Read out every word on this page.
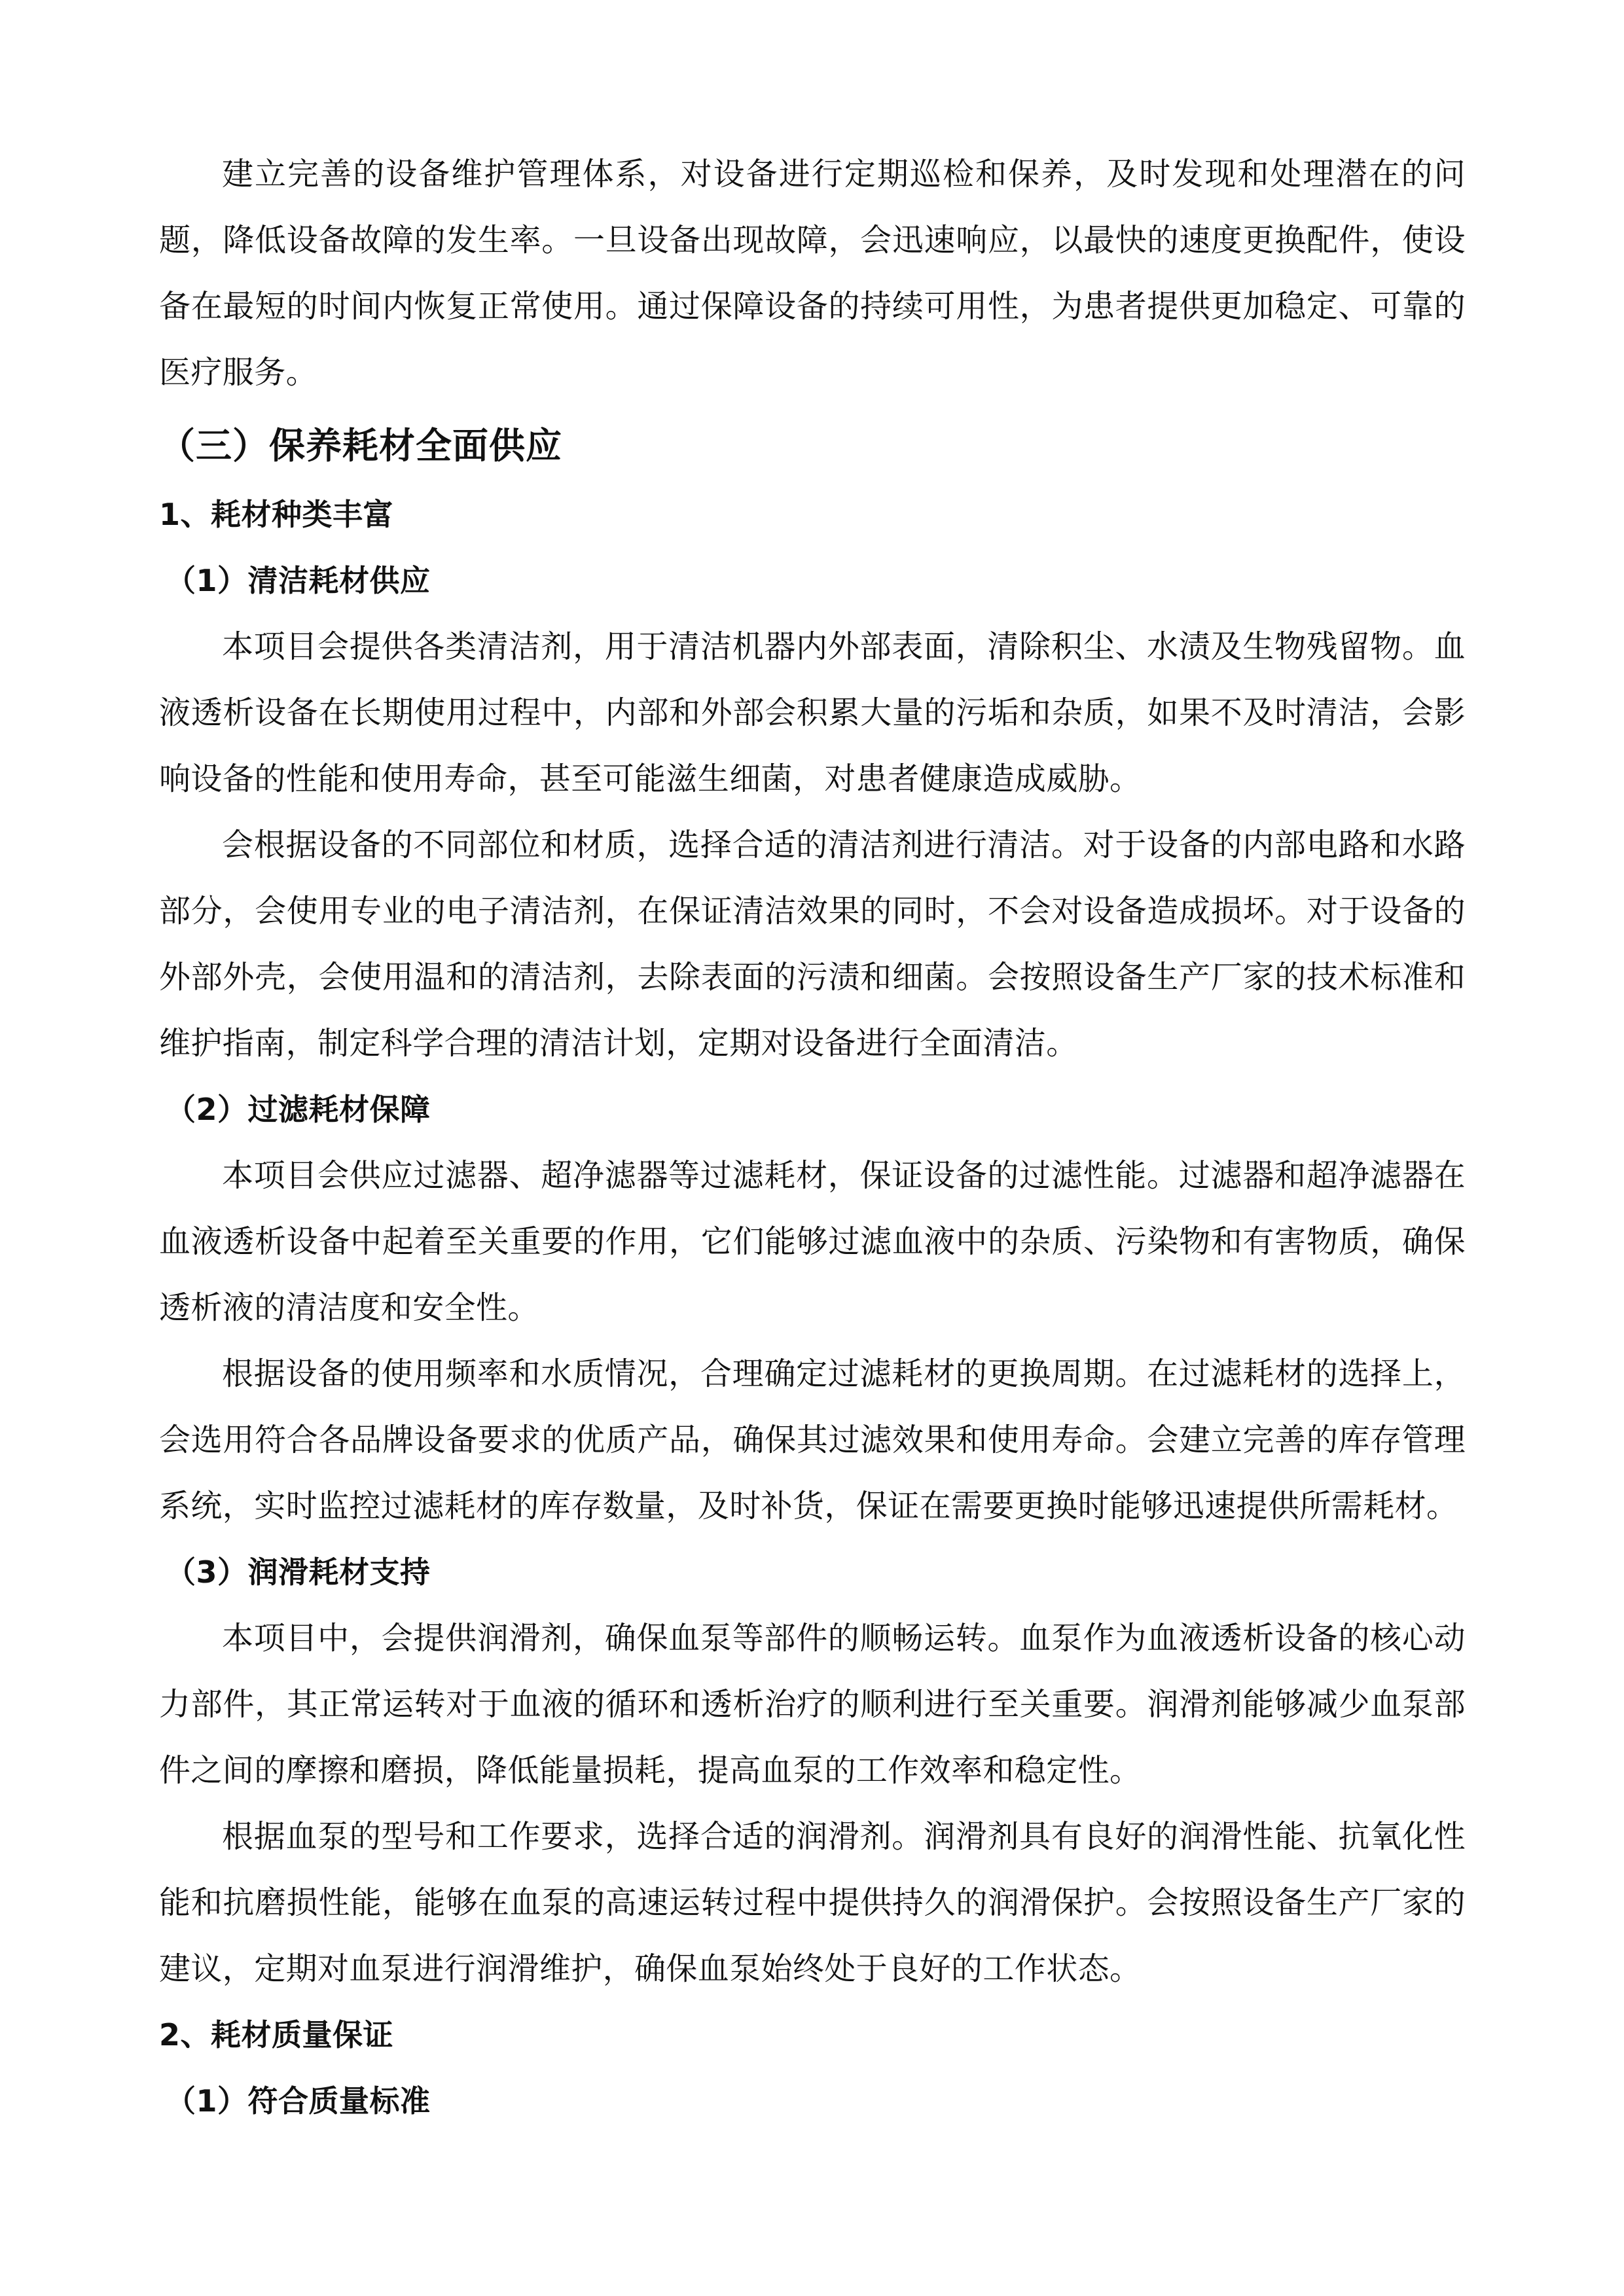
建立完善的设备维护管理体系，对设备进行定期巡检和保养，及时发现和处理潜在的问题，降低设备故障的发生率。一旦设备出现故障，会迅速响应，以最快的速度更换配件，使设备在最短的时间内恢复正常使用。通过保障设备的持续可用性，为患者提供更加稳定、可靠的医疗服务。

（三）保养耗材全面供应
1、耗材种类丰富
（1）清洁耗材供应

本项目会提供各类清洁剂，用于清洁机器内外部表面，清除积尘、水渍及生物残留物。血液透析设备在长期使用过程中，内部和外部会积累大量的污垢和杂质，如果不及时清洁，会影响设备的性能和使用寿命，甚至可能滋生细菌，对患者健康造成威胁。

会根据设备的不同部位和材质，选择合适的清洁剂进行清洁。对于设备的内部电路和水路部分，会使用专业的电子清洁剂，在保证清洁效果的同时，不会对设备造成损坏。对于设备的外部外壳，会使用温和的清洁剂，去除表面的污渍和细菌。会按照设备生产厂家的技术标准和维护指南，制定科学合理的清洁计划，定期对设备进行全面清洁。

（2）过滤耗材保障

本项目会供应过滤器、超净滤器等过滤耗材，保证设备的过滤性能。过滤器和超净滤器在血液透析设备中起着至关重要的作用，它们能够过滤血液中的杂质、污染物和有害物质，确保透析液的清洁度和安全性。

根据设备的使用频率和水质情况，合理确定过滤耗材的更换周期。在过滤耗材的选择上，会选用符合各品牌设备要求的优质产品，确保其过滤效果和使用寿命。会建立完善的库存管理系统，实时监控过滤耗材的库存数量，及时补货，保证在需要更换时能够迅速提供所需耗材。

（3）润滑耗材支持

本项目中，会提供润滑剂，确保血泵等部件的顺畅运转。血泵作为血液透析设备的核心动力部件，其正常运转对于血液的循环和透析治疗的顺利进行至关重要。润滑剂能够减少血泵部件之间的摩擦和磨损，降低能量损耗，提高血泵的工作效率和稳定性。

根据血泵的型号和工作要求，选择合适的润滑剂。润滑剂具有良好的润滑性能、抗氧化性能和抗磨损性能，能够在血泵的高速运转过程中提供持久的润滑保护。会按照设备生产厂家的建议，定期对血泵进行润滑维护，确保血泵始终处于良好的工作状态。

2、耗材质量保证
（1）符合质量标准
